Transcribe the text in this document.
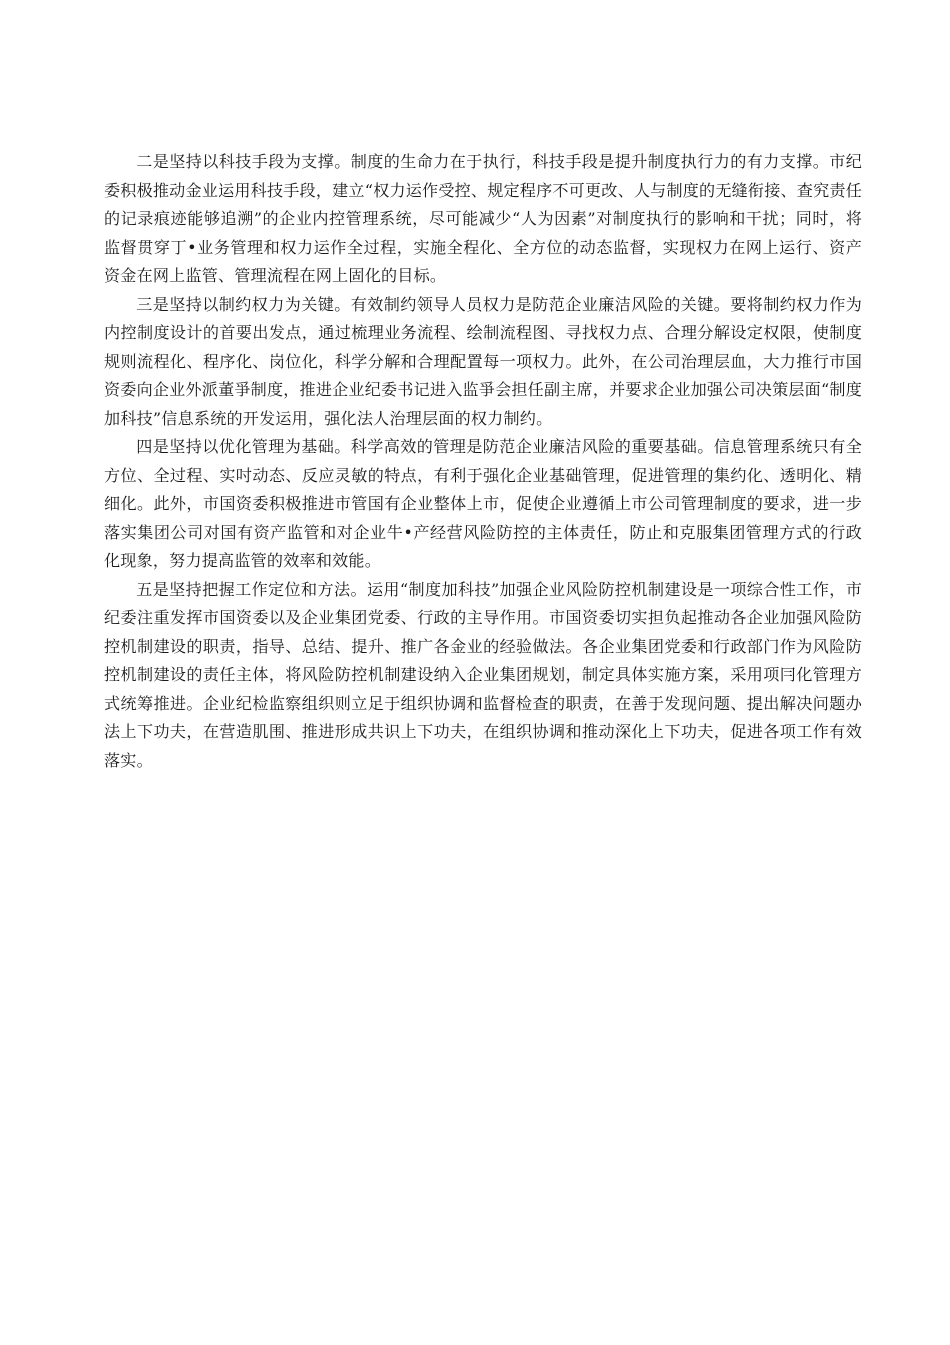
二是坚持以科技手段为支撑。制度的生命力在于执行，科技手段是提升制度执行力的有力支撑。市纪委积极推动金业运用科技手段，建立“权力运作受控、规定程序不可更改、人与制度的无缝衔接、查究责任的记录痕迹能够追溯”的企业内控管理系统，尽可能减少“人为因素”对制度执行的影响和干扰；同时，将监督贯穿丁•业务管理和权力运作全过程，实施全程化、全方位的动态监督，实现权力在网上运行、资产资金在网上监管、管理流程在网上固化的目标。

三是坚持以制约权力为关键。有效制约领导人员权力是防范企业廉洁风险的关键。要将制约权力作为内控制度设计的首要出发点，通过梳理业务流程、绘制流程图、寻找权力点、合理分解设定权限，使制度规则流程化、程序化、岗位化，科学分解和合理配置每一项权力。此外，在公司治理层血，大力推行市国资委向企业外派董爭制度，推进企业纪委书记进入监爭会担任副主席，并要求企业加强公司决策层面“制度加科技”信息系统的开发运用，强化法人治理层面的权力制约。

四是坚持以优化管理为基础。科学高效的管理是防范企业廉洁风险的重要基础。信息管理系统只有全方位、全过程、实吋动态、反应灵敏的特点，有利于强化企业基础管理，促进管理的集约化、透明化、精细化。此外，市国资委积极推进市管国有企业整体上市，促使企业遵循上市公司管理制度的要求，进一步落实集团公司对国有资产监管和对企业牛•产经营风险防控的主体责任，防止和克服集团管理方式的行政化现象，努力提高监管的效率和效能。

五是坚持把握工作定位和方法。运用“制度加科技”加强企业风险防控机制建设是一项综合性工作，市纪委注重发挥市国资委以及企业集团党委、行政的主导作用。市国资委切实担负起推动各企业加强风险防控机制建设的职责，指导、总结、提升、推广各金业的经验做法。各企业集团党委和行政部门作为风险防控机制建设的责任主体，将风险防控机制建设纳入企业集团规划，制定具体实施方案，采用项冃化管理方式统筹推进。企业纪检监察组织则立足于组织协调和监督检查的职责，在善于发现问题、提出解决问题办法上下功夫，在营造肌围、推进形成共识上下功夫，在组织协调和推动深化上下功夫，促进各项工作有效落实。
